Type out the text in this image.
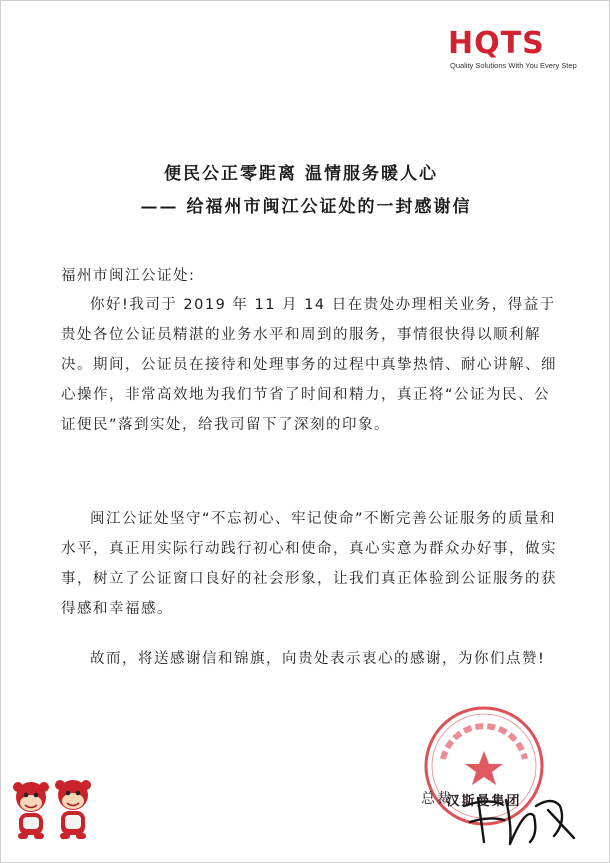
HQTS
Quality Solutions With You Every Step
便民公正零距离 温情服务暖人心
—— 给福州市闽江公证处的一封感谢信
福州市闽江公证处:
你好!我司于 2019 年 11 月 14 日在贵处办理相关业务，得益于贵处各位公证员精湛的业务水平和周到的服务，事情很快得以顺利解决。期间，公证员在接待和处理事务的过程中真挚热情、耐心讲解、细心操作，非常高效地为我们节省了时间和精力，真正将“公证为民、公证便民”落到实处，给我司留下了深刻的印象。
闽江公证处坚守“不忘初心、牢记使命”不断完善公证服务的质量和水平，真正用实际行动践行初心和使命，真心实意为群众办好事，做实事，树立了公证窗口良好的社会形象，让我们真正体验到公证服务的获得感和幸福感。
故而，将送感谢信和锦旗，向贵处表示衷心的感谢，为你们点赞!
汉斯曼集团
总裁:
